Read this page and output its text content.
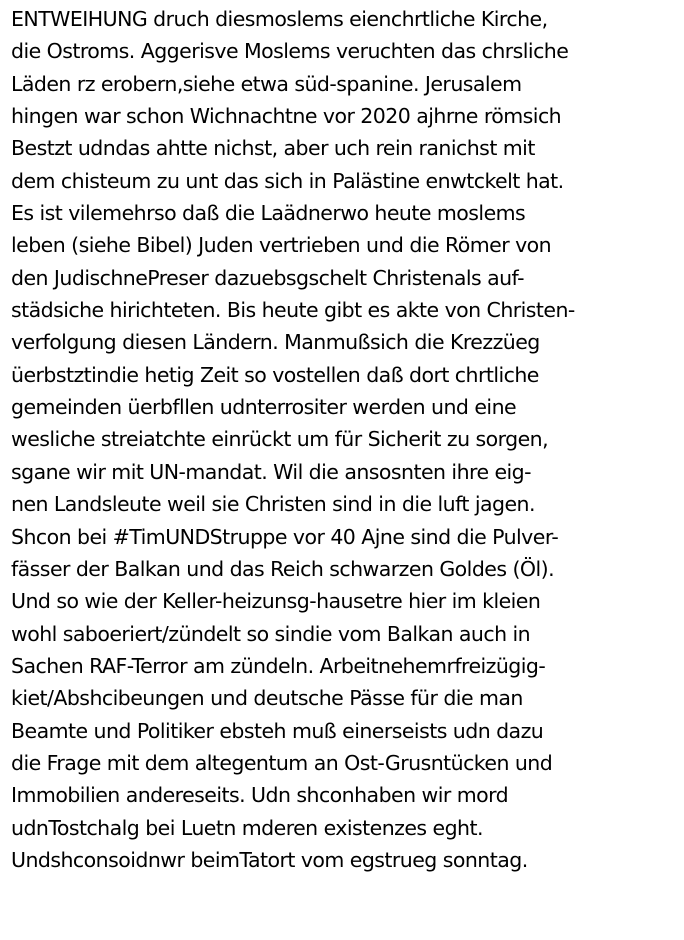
ENTWEIHUNG druch diesmoslems eienchrtliche Kirche,
die Ostroms. Aggerisve Moslems veruchten das chrsliche
Läden rz erobern,siehe etwa süd-spanine. Jerusalem
hingen war schon Wichnachtne vor 2020 ajhrne römsich
Bestzt udndas ahtte nichst, aber uch rein ranichst mit
dem chisteum zu unt das sich in Palästine enwtckelt hat.
Es ist vilemehrso daß die Laädnerwo heute moslems
leben (siehe Bibel) Juden vertrieben und die Römer von
den JudischnePreser dazuebsgschelt Christenals auf-
städsiche hirichteten. Bis heute gibt es akte von Christen-
verfolgung diesen Ländern. Manmußsich die Krezzüeg
üerbstztindie hetig Zeit so vostellen daß dort chrtliche
gemeinden üerbfllen udnterrositer werden und eine
wesliche streiatchte einrückt um für Sicherit zu sorgen,
sgane wir mit UN-mandat. Wil die ansosnten ihre eig-
nen Landsleute weil sie Christen sind in die luft jagen.
Shcon bei #TimUNDStruppe vor 40 Ajne sind die Pulver-
fässer der Balkan und das Reich schwarzen Goldes (Öl).
Und so wie der Keller-heizunsg-hausetre hier im kleien
wohl saboeriert/zündelt so sindie vom Balkan auch in
Sachen RAF-Terror am zündeln. Arbeitnehemrfreizügig-
kiet/Abshcibeungen und deutsche Pässe für die man
Beamte und Politiker ebsteh muß einerseists udn dazu
die Frage mit dem altegentum an Ost-Grusntücken und
Immobilien andereseits. Udn shconhaben wir mord
udnTostchalg bei Luetn mderen existenzes eght.
Undshconsoidnwr beimTatort vom egstrueg sonntag.
